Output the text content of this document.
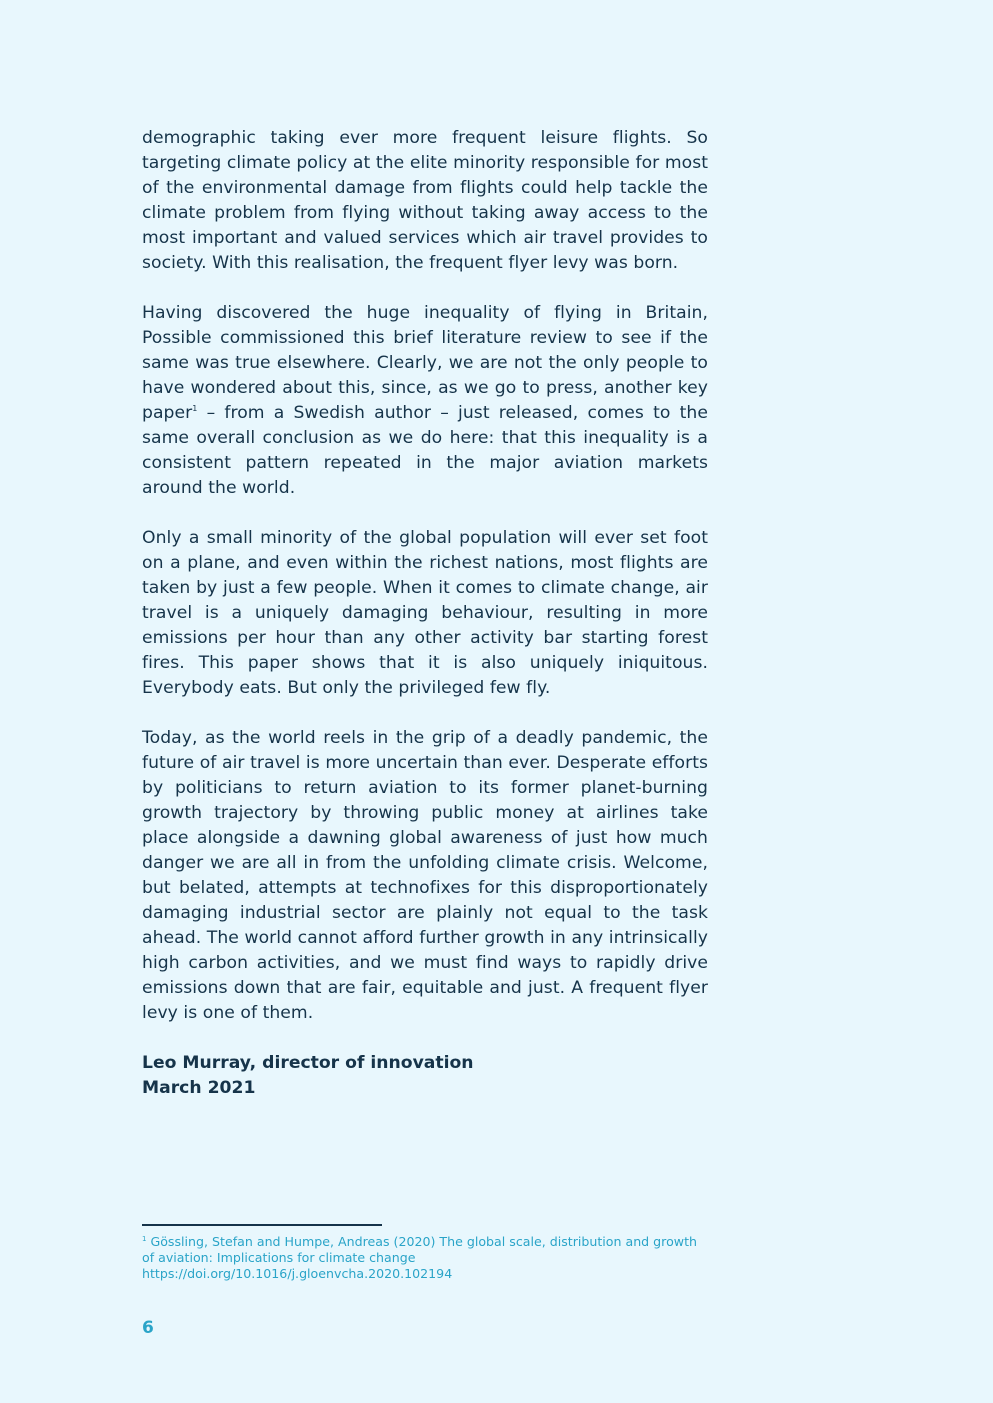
demographic taking ever more frequent leisure flights. So targeting climate policy at the elite minority responsible for most of the environmental damage from flights could help tackle the climate problem from flying without taking away access to the most important and valued services which air travel provides to society. With this realisation, the frequent flyer levy was born.

Having discovered the huge inequality of flying in Britain, Possible commissioned this brief literature review to see if the same was true elsewhere. Clearly, we are not the only people to have wondered about this, since, as we go to press, another key paper$^1$ – from a Swedish author – just released, comes to the same overall conclusion as we do here: that this inequality is a consistent pattern repeated in the major aviation markets around the world.

Only a small minority of the global population will ever set foot on a plane, and even within the richest nations, most flights are taken by just a few people. When it comes to climate change, air travel is a uniquely damaging behaviour, resulting in more emissions per hour than any other activity bar starting forest fires. This paper shows that it is also uniquely iniquitous. Everybody eats. But only the privileged few fly.

Today, as the world reels in the grip of a deadly pandemic, the future of air travel is more uncertain than ever. Desperate efforts by politicians to return aviation to its former planet-burning growth trajectory by throwing public money at airlines take place alongside a dawning global awareness of just how much danger we are all in from the unfolding climate crisis. Welcome, but belated, attempts at technofixes for this disproportionately damaging industrial sector are plainly not equal to the task ahead. The world cannot afford further growth in any intrinsically high carbon activities, and we must find ways to rapidly drive emissions down that are fair, equitable and just. A frequent flyer levy is one of them.

Leo Murray, director of innovation
March 2021
$^1$ Gössling, Stefan and Humpe, Andreas (2020) The global scale, distribution and growth of aviation: Implications for climate change
https://doi.org/10.1016/j.gloenvcha.2020.102194
6
